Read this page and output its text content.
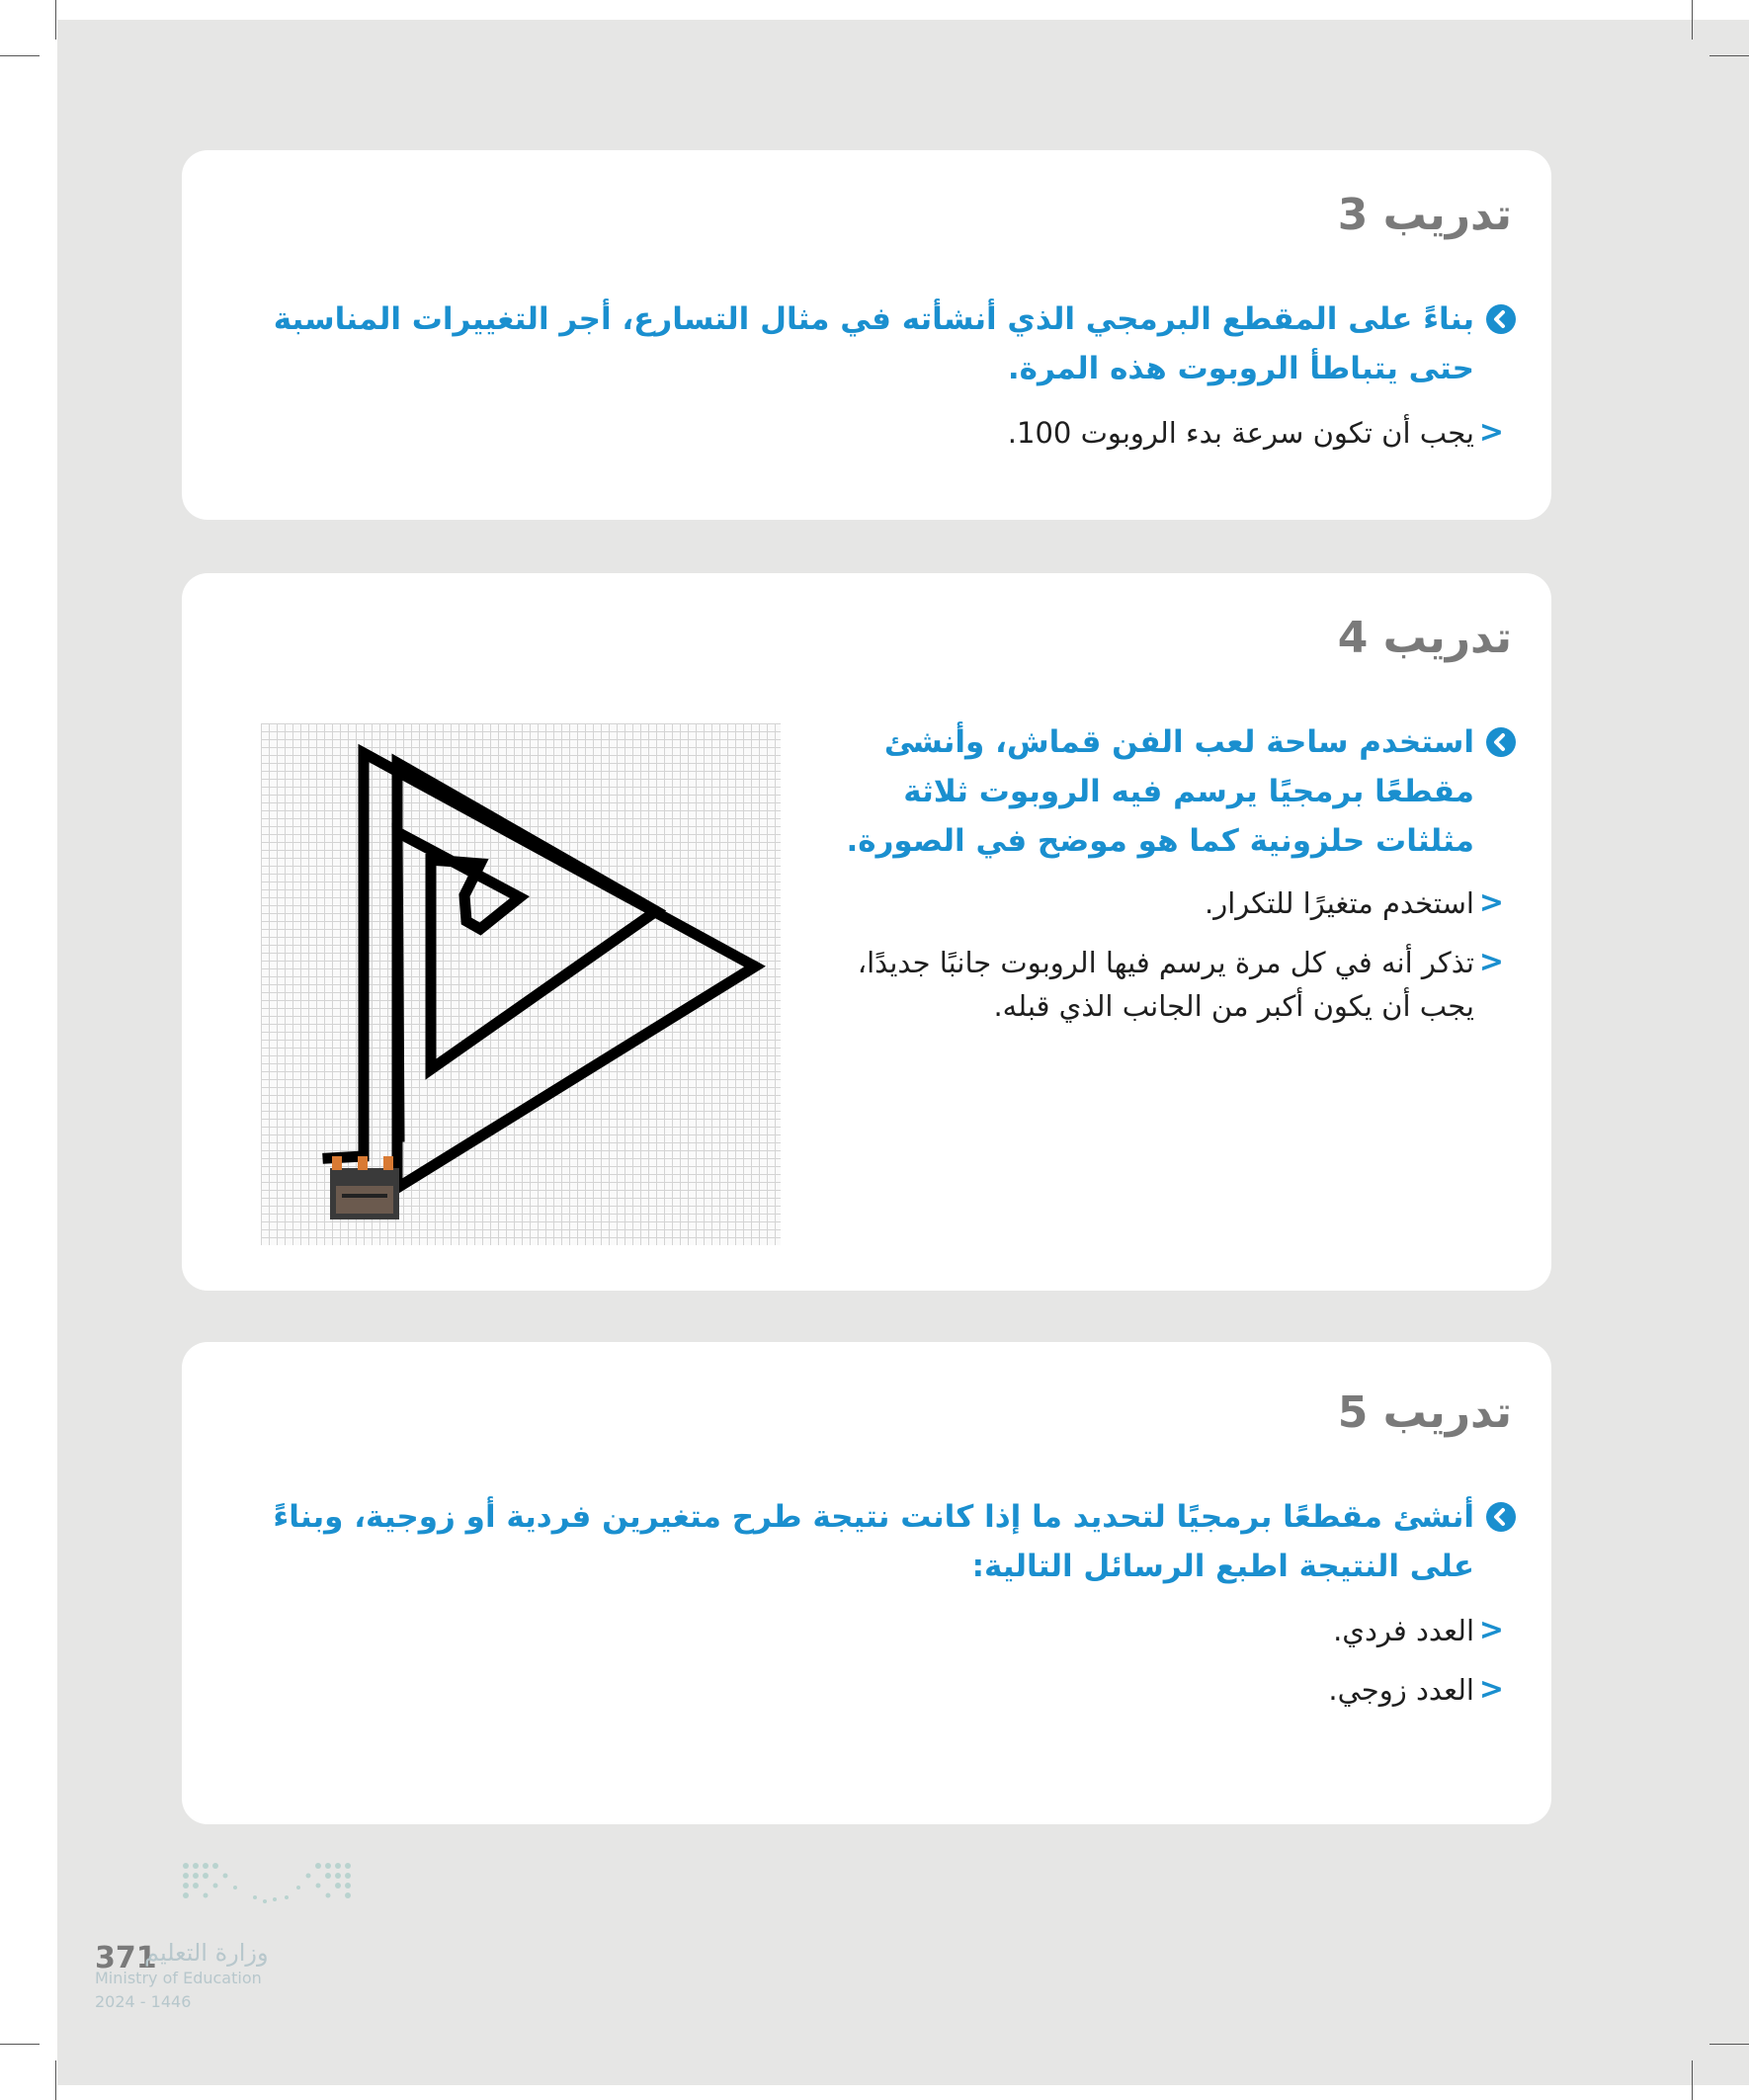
تدريب 3
بناءً على المقطع البرمجي الذي أنشأته في مثال التسارع، أجر التغييرات المناسبة حتى يتباطأ الروبوت هذه المرة.
<
يجب أن تكون سرعة بدء الروبوت 100.
تدريب 4
استخدم ساحة لعب الفن قماش، وأنشئ مقطعًا برمجيًا يرسم فيه الروبوت ثلاثة مثلثات حلزونية كما هو موضح في الصورة.
<
استخدم متغيرًا للتكرار.
<
تذكر أنه في كل مرة يرسم فيها الروبوت جانبًا جديدًا، يجب أن يكون أكبر من الجانب الذي قبله.
تدريب 5
أنشئ مقطعًا برمجيًا لتحديد ما إذا كانت نتيجة طرح متغيرين فردية أو زوجية، وبناءً على النتيجة اطبع الرسائل التالية:
<
العدد فردي.
<
العدد زوجي.
371
وزارة التعليم
Ministry of Education
2024 - 1446
